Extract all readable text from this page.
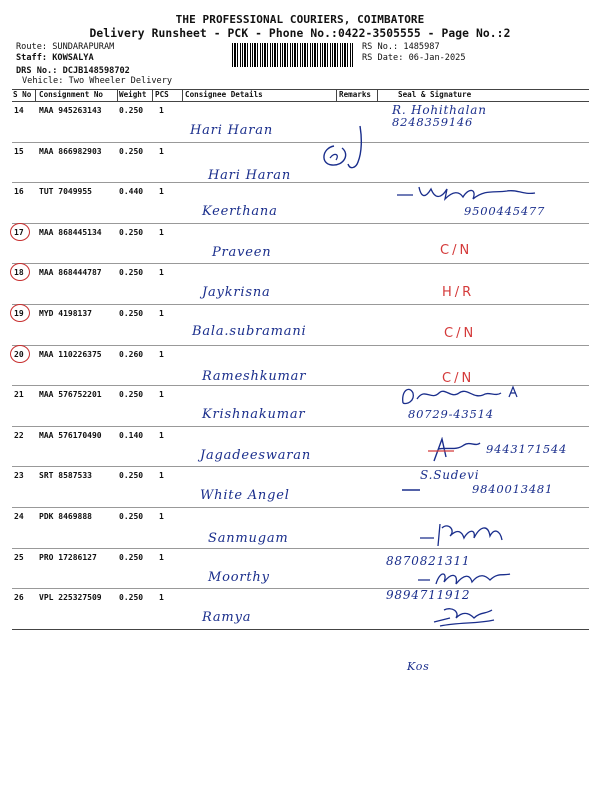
THE PROFESSIONAL COURIERS, COIMBATORE
Delivery Runsheet - PCK - Phone No.:0422-3505555 - Page No.:2
Route: SUNDARAPURAM
Staff: KOWSALYA
DRS No.: DCJB148598702
Vehicle: Two Wheeler Delivery
RS No.: 1485987
RS Date: 06-Jan-2025
S No Consignment No Weight PCS Consignee Details	Remarks	Seal & Signature
14 MAA 945263143 0.250 1
Hari Haran
R. Hohithalan
8248359146
15 MAA 866982903 0.250 1
Hari Haran
16 TUT 7049955	0.440 1
Keerthana	9500445477
17 MAA 868445134 0.250 1
Praveen	C/N
18 MAA 868444787 0.250 1
Jaykrisna	H/R
19 MYD 4198137	0.250 1
Bala.subramani	C/N
20 MAA 110226375 0.260 1
Rameshkumar	C/N
21 MAA 576752201 0.250 1
Krishnakumar	80729-43514
22 MAA 576170490 0.140 1
Jagadeeswaran	9443171544
23 SRT 8587533	0.250 1
White Angel
S.Sudevi
9840013481
24 PDK 8469888	0.250 1
Sanmugam
25 PRO 17286127	0.250 1
Moorthy
8870821311
26 VPL 225327509 0.250 1
Ramya
9894711912
Kos
